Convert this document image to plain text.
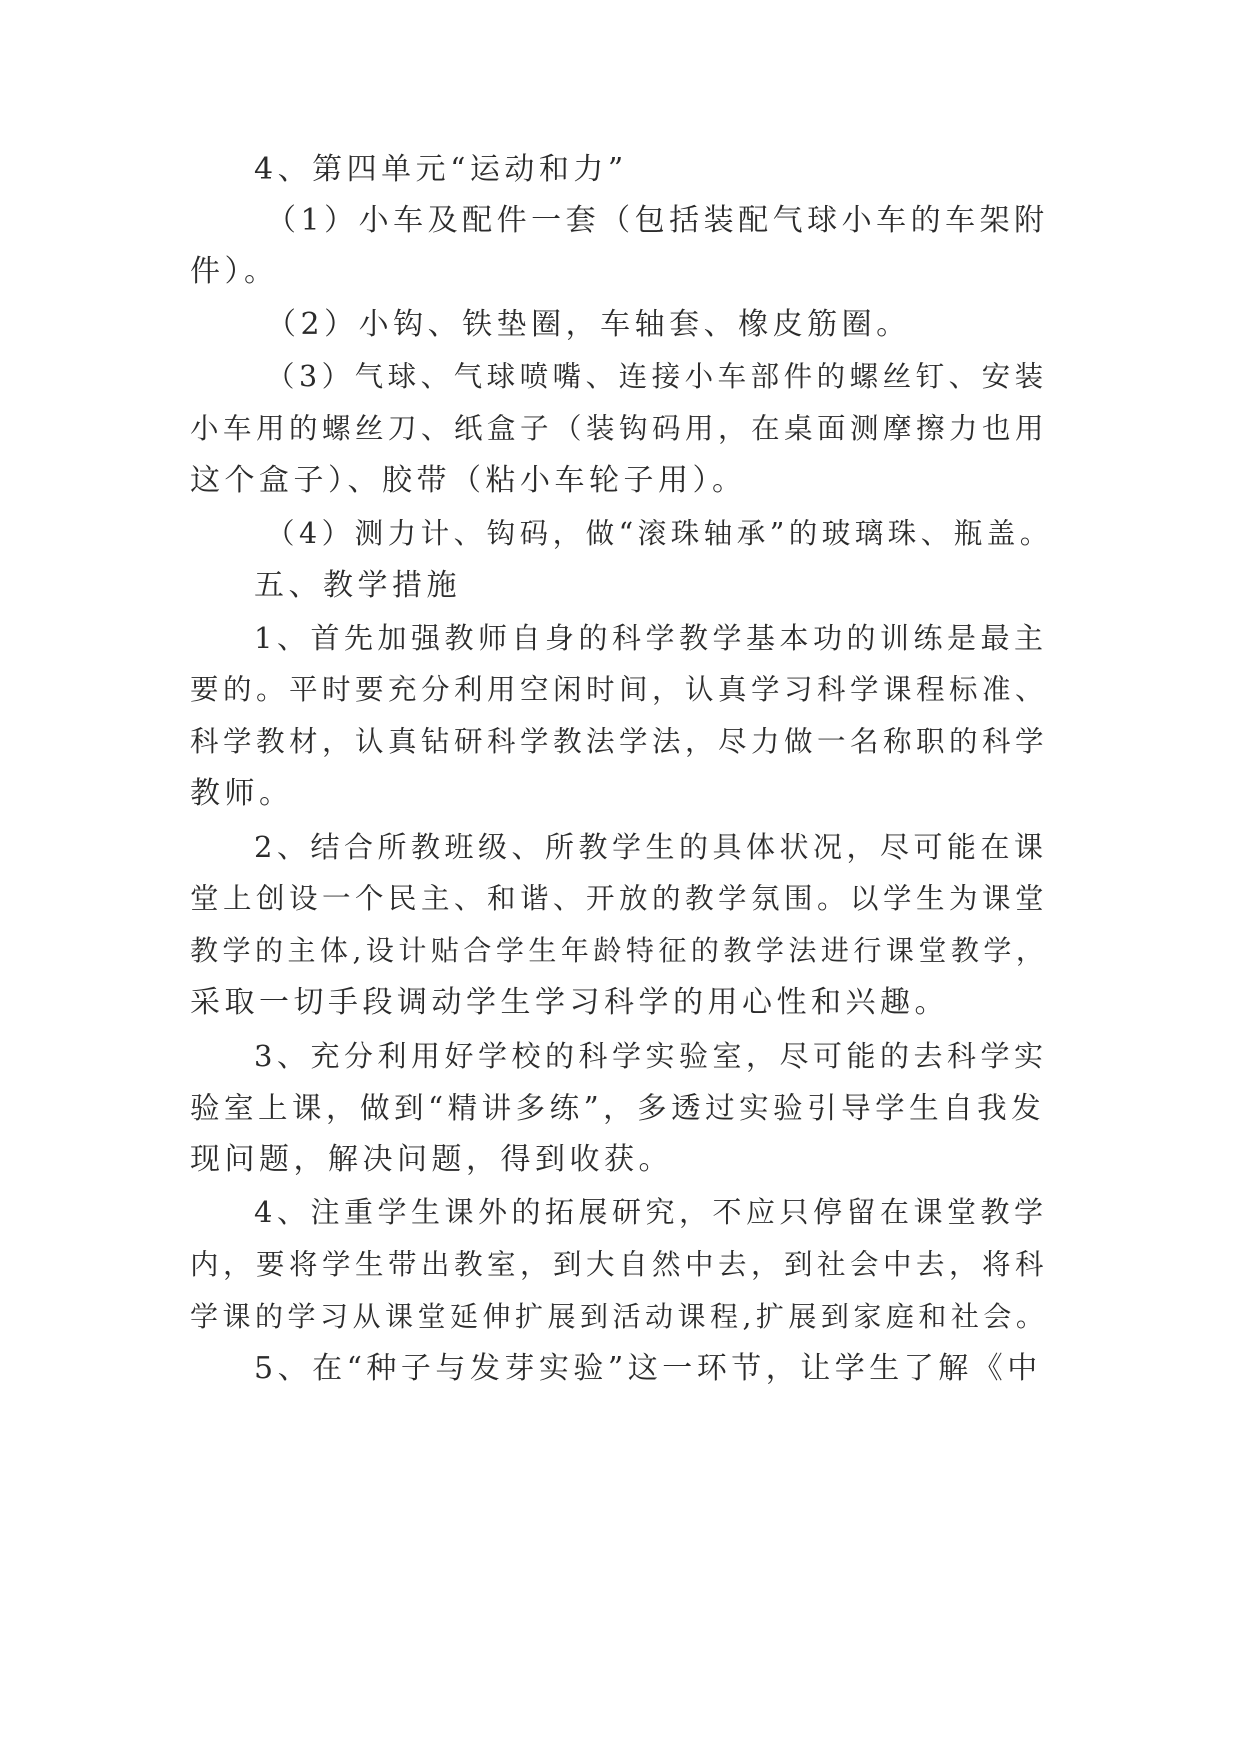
4、第四单元“运动和力”
（1）小车及配件一套（包括装配气球小车的车架附
件）。
（2）小钩、铁垫圈，车轴套、橡皮筋圈。
（3）气球、气球喷嘴、连接小车部件的螺丝钉、安装
小车用的螺丝刀、纸盒子（装钩码用，在桌面测摩擦力也用
这个盒子）、胶带（粘小车轮子用）。
（4）测力计、钩码，做“滚珠轴承”的玻璃珠、瓶盖。
五、教学措施
1、首先加强教师自身的科学教学基本功的训练是最主
要的。平时要充分利用空闲时间，认真学习科学课程标准、
科学教材，认真钻研科学教法学法，尽力做一名称职的科学
教师。
2、结合所教班级、所教学生的具体状况，尽可能在课
堂上创设一个民主、和谐、开放的教学氛围。以学生为课堂
教学的主体,设计贴合学生年龄特征的教学法进行课堂教学，
采取一切手段调动学生学习科学的用心性和兴趣。
3、充分利用好学校的科学实验室，尽可能的去科学实
验室上课，做到“精讲多练”，多透过实验引导学生自我发
现问题，解决问题，得到收获。
4、注重学生课外的拓展研究，不应只停留在课堂教学
内，要将学生带出教室，到大自然中去，到社会中去，将科
学课的学习从课堂延伸扩展到活动课程,扩展到家庭和社会。
5、在“种子与发芽实验”这一环节，让学生了解《中
